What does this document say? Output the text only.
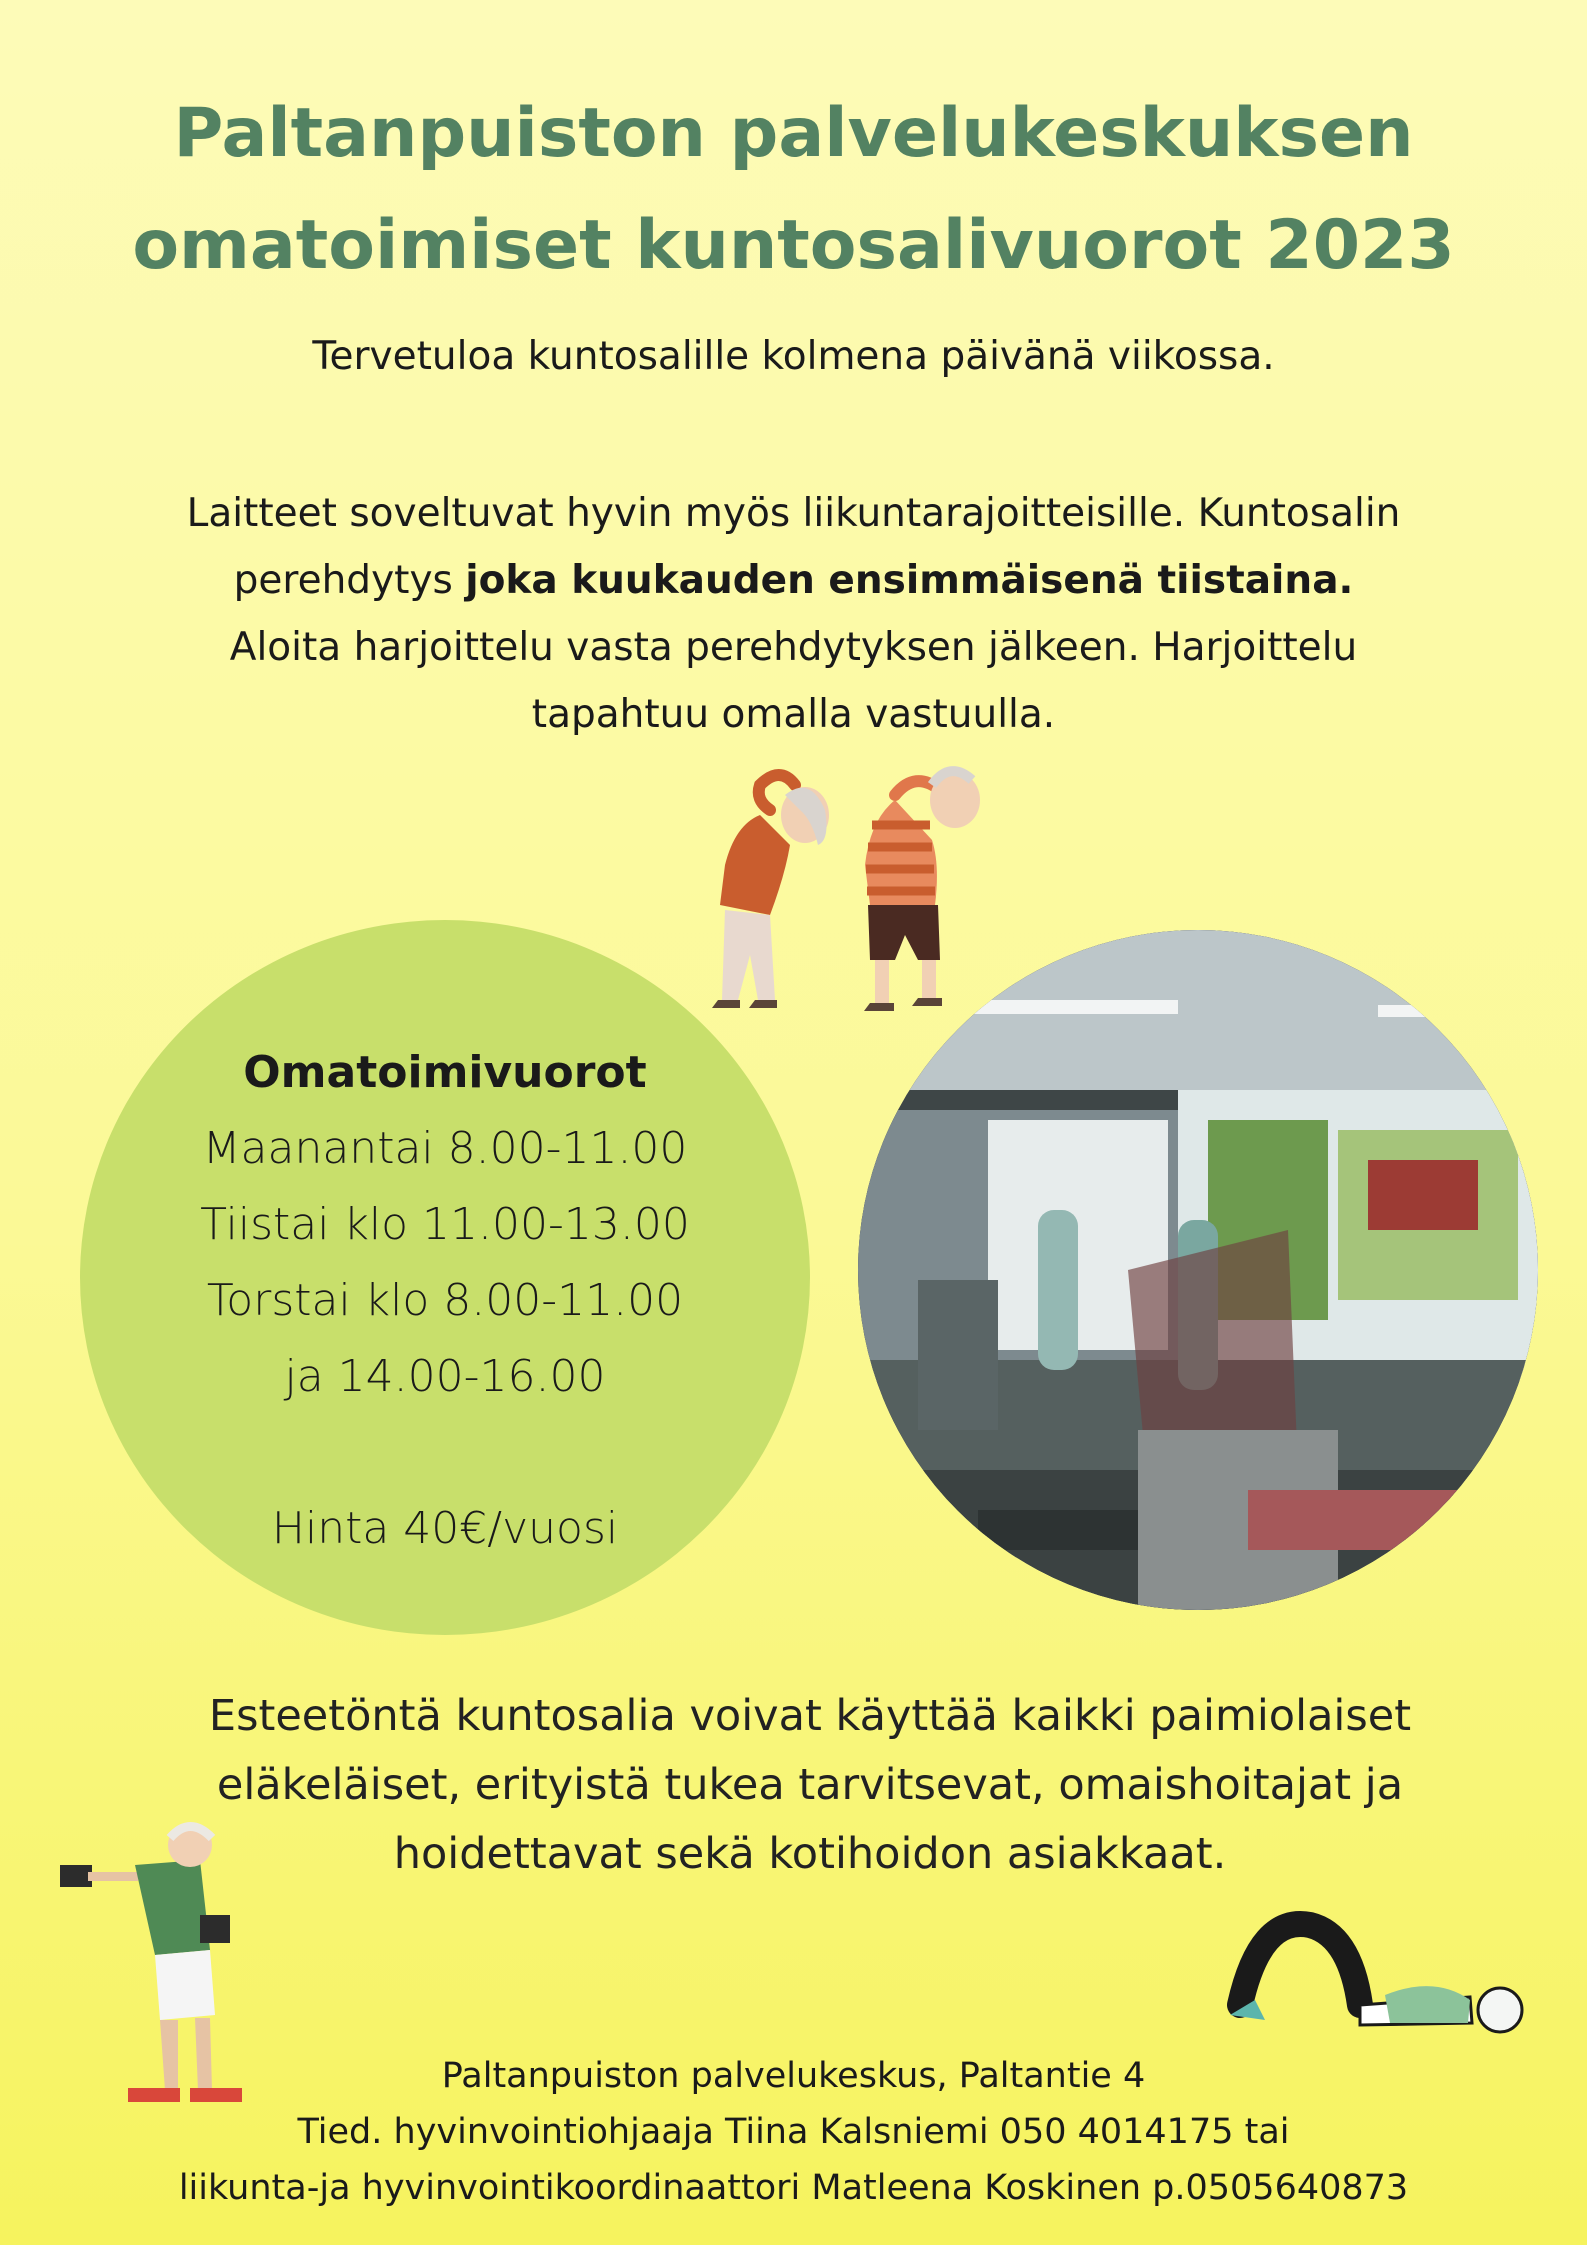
Paltanpuiston palvelukeskuksen
omatoimiset kuntosalivuorot 2023

Tervetuloa kuntosalille kolmena päivänä viikossa.

Laitteet soveltuvat hyvin myös liikuntarajoitteisille. Kuntosalin
perehdytys joka kuukauden ensimmäisenä tiistaina.
Aloita harjoittelu vasta perehdytyksen jälkeen. Harjoittelu
tapahtuu omalla vastuulla.

Omatoimivuorot
Maanantai 8.00-11.00
Tiistai klo 11.00-13.00
Torstai klo 8.00-11.00
ja 14.00-16.00
Hinta 40€/vuosi

Esteetöntä kuntosalia voivat käyttää kaikki paimiolaiset
eläkeläiset, erityistä tukea tarvitsevat, omaishoitajat ja
hoidettavat sekä kotihoidon asiakkaat.

Paltanpuiston palvelukeskus, Paltantie 4
Tied. hyvinvointiohjaaja Tiina Kalsniemi 050 4014175 tai
liikunta-ja hyvinvointikoordinaattori Matleena Koskinen p.0505640873
